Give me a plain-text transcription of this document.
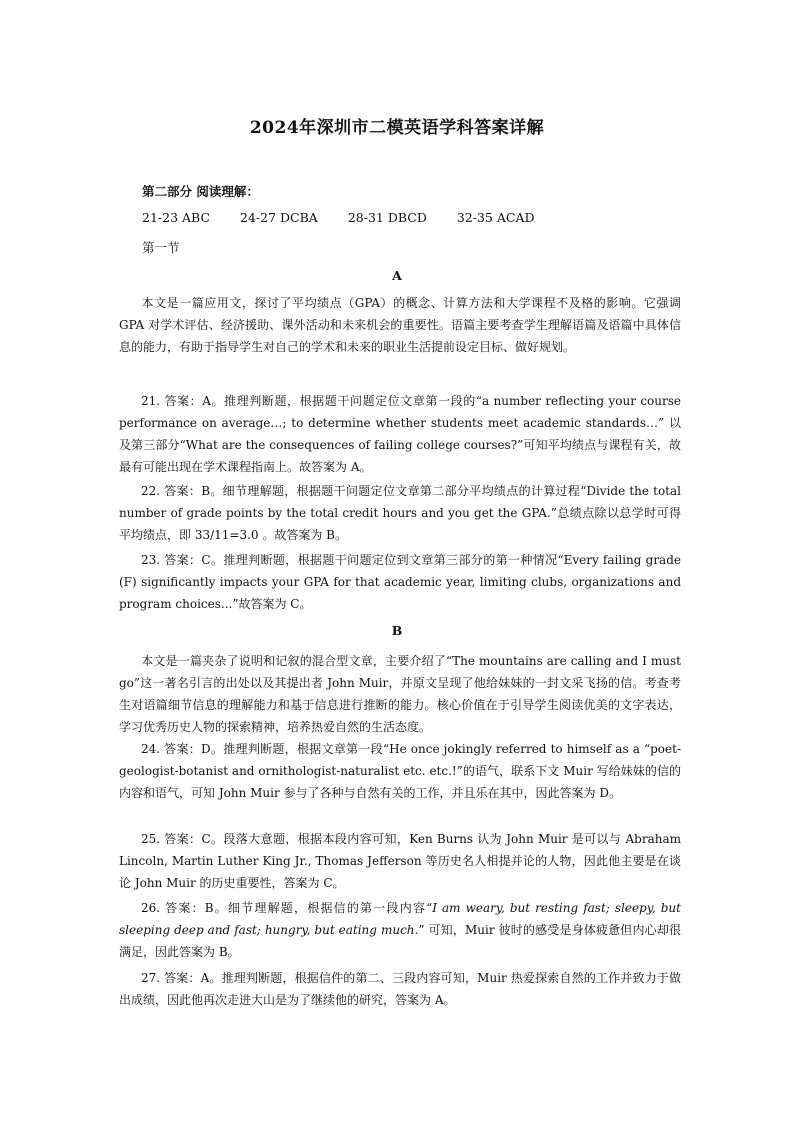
2024年深圳市二模英语学科答案详解
第二部分 阅读理解：
21-23 ABC 24-27 DCBA 28-31 DBCD 32-35 ACAD
第一节
A
本文是一篇应用文，探讨了平均绩点（GPA）的概念、计算方法和大学课程不及格的影响。它强调 GPA 对学术评估、经济援助、课外活动和未来机会的重要性。语篇主要考查学生理解语篇及语篇中具体信息的能力，有助于指导学生对自己的学术和未来的职业生活提前设定目标、做好规划。
21. 答案：A。推理判断题，根据题干问题定位文章第一段的“a number reflecting your course performance on average…; to determine whether students meet academic standards…” 以及第三部分“What are the consequences of failing college courses?”可知平均绩点与课程有关，故最有可能出现在学术课程指南上。故答案为 A。
22. 答案：B。细节理解题，根据题干问题定位文章第二部分平均绩点的计算过程“Divide the total number of grade points by the total credit hours and you get the GPA.”总绩点除以总学时可得平均绩点，即 33/11=3.0 。故答案为 B。
23. 答案：C。推理判断题，根据题干问题定位到文章第三部分的第一种情况“Every failing grade (F) significantly impacts your GPA for that academic year, limiting clubs, organizations and program choices...”故答案为 C。
B
本文是一篇夹杂了说明和记叙的混合型文章，主要介绍了“The mountains are calling and I must go”这一著名引言的出处以及其提出者 John Muir，并原文呈现了他给妹妹的一封文采飞扬的信。考查考生对语篇细节信息的理解能力和基于信息进行推断的能力。核心价值在于引导学生阅读优美的文字表达，学习优秀历史人物的探索精神，培养热爱自然的生活态度。
24. 答案：D。推理判断题，根据文章第一段“He once jokingly referred to himself as a “poet-geologist-botanist and ornithologist-naturalist etc. etc.!”的语气，联系下文 Muir 写给妹妹的信的内容和语气，可知 John Muir 参与了各种与自然有关的工作，并且乐在其中，因此答案为 D。
25. 答案：C。段落大意题，根据本段内容可知，Ken Burns 认为 John Muir 是可以与 Abraham Lincoln, Martin Luther King Jr., Thomas Jefferson 等历史名人相提并论的人物，因此他主要是在谈论 John Muir 的历史重要性，答案为 C。
26. 答案：B。细节理解题，根据信的第一段内容“I am weary, but resting fast; sleepy, but sleeping deep and fast; hungry, but eating much.” 可知，Muir 彼时的感受是身体疲惫但内心却很满足，因此答案为 B。
27. 答案：A。推理判断题，根据信件的第二、三段内容可知，Muir 热爱探索自然的工作并致力于做出成绩，因此他再次走进大山是为了继续他的研究，答案为 A。
